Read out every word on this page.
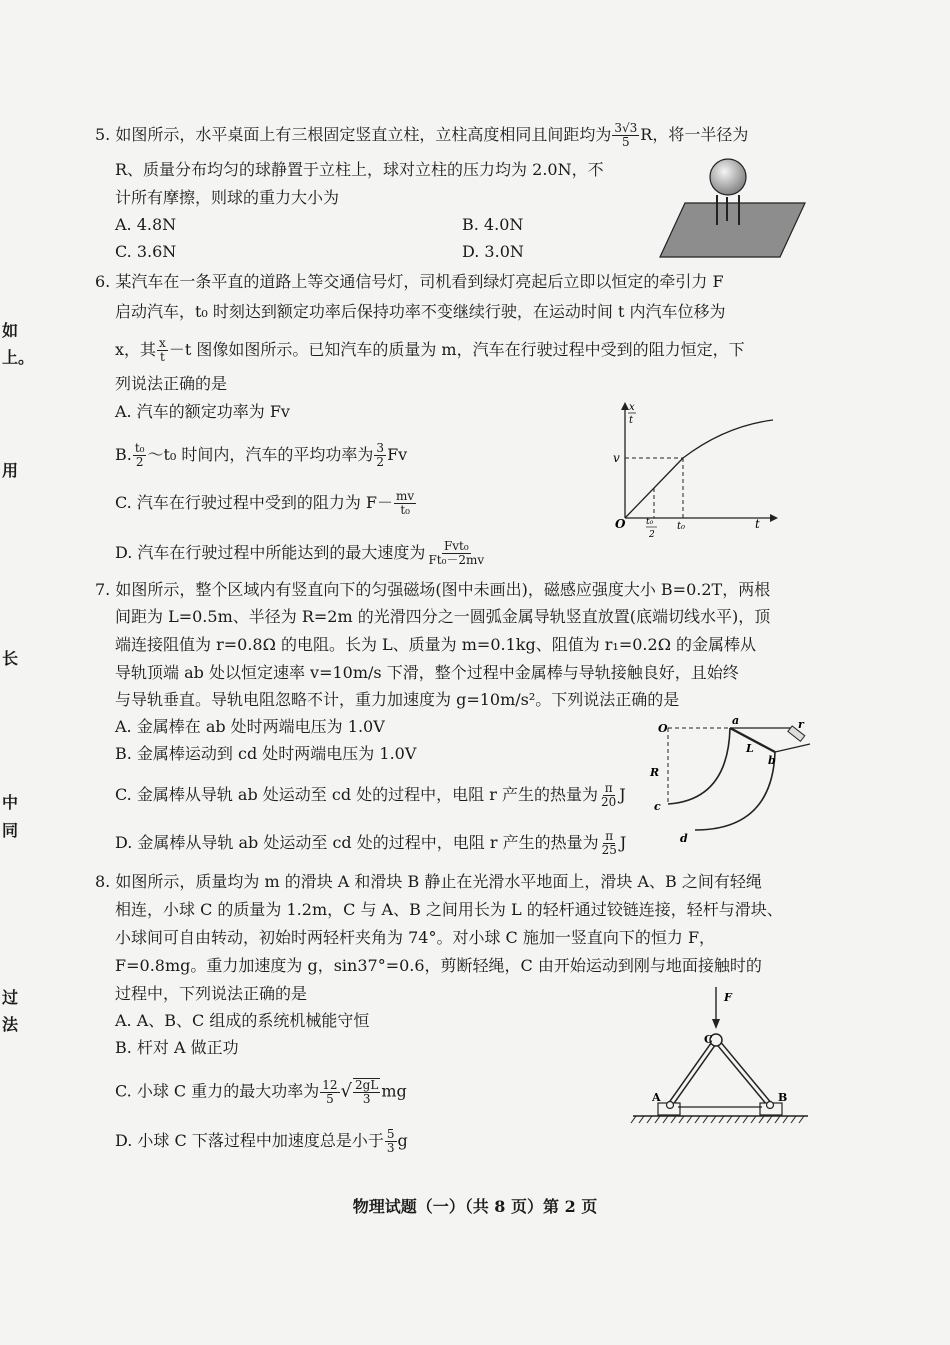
如
上。
用
长
中
同
过
法
5. 如图所示，水平桌面上有三根固定竖直立柱，立柱高度相同且间距均为 $\frac{3√3}{5}$ R，将一半径为
R、质量分布均匀的球静置于立柱上，球对立柱的压力均为 2.0N，不
计所有摩擦，则球的重力大小为
A. 4.8N	B. 4.0N
C. 3.6N	D. 3.0N
6. 某汽车在一条平直的道路上等交通信号灯，司机看到绿灯亮起后立即以恒定的牵引力 F
启动汽车，t₀ 时刻达到额定功率后保持功率不变继续行驶，在运动时间 t 内汽车位移为
x，其 $\frac{x}{t} -t$ 图像如图所示。已知汽车的质量为 m，汽车在行驶过程中受到的阻力恒定，下
列说法正确的是
A. 汽车的额定功率为 Fv
B. $\frac{\text{t₀}}{2}$ ～t₀ 时间内，汽车的平均功率为 $\frac{3}{2}$ Fv
C. 汽车在行驶过程中受到的阻力为 $F- \frac{mv}{\text{t₀}}$
D. 汽车在行驶过程中所能达到的最大速度为 $\frac{\text{Fvt₀}}{\text{Ft₀－2mv}}$
x
t
v
O	t
t₀
t₀
2
7. 如图所示，整个区域内有竖直向下的匀强磁场(图中未画出)，磁感应强度大小 B=0.2T，两根
间距为 L=0.5m、半径为 R=2m 的光滑四分之一圆弧金属导轨竖直放置(底端切线水平)，顶
端连接阻值为 r=0.8Ω 的电阻。长为 L、质量为 m=0.1kg、阻值为 r₁=0.2Ω 的金属棒从
导轨顶端 ab 处以恒定速率 v=10m/s 下滑，整个过程中金属棒与导轨接触良好，且始终
与导轨垂直。导轨电阻忽略不计，重力加速度为 g=10m/s²。下列说法正确的是
A. 金属棒在 ab 处时两端电压为 1.0V
B. 金属棒运动到 cd 处时两端电压为 1.0V
C. 金属棒从导轨 ab 处运动至 cd 处的过程中，电阻 r 产生的热量为 $\frac{\pi}{20}$ J
D. 金属棒从导轨 ab 处运动至 cd 处的过程中，电阻 r 产生的热量为 $\frac{\pi}{25}$ J
O
a
b
c
d
L
R
r
8. 如图所示，质量均为 m 的滑块 A 和滑块 B 静止在光滑水平地面上，滑块 A、B 之间有轻绳
相连，小球 C 的质量为 1.2m，C 与 A、B 之间用长为 L 的轻杆通过铰链连接，轻杆与滑块、
小球间可自由转动，初始时两轻杆夹角为 74°。对小球 C 施加一竖直向下的恒力 F，
F=0.8mg。重力加速度为 g，sin37°=0.6，剪断轻绳，C 由开始运动到刚与地面接触时的
过程中，下列说法正确的是
A. A、B、C 组成的系统机械能守恒
B. 杆对 A 做正功
C. 小球 C 重力的最大功率为 $\frac{12}{5}$ √ $\frac{2gL}{3}$ mg
D. 小球 C 下落过程中加速度总是小于 $\frac{5}{3}$ g
F
C
A	B
物理试题（一）（共 8 页）第 2 页
